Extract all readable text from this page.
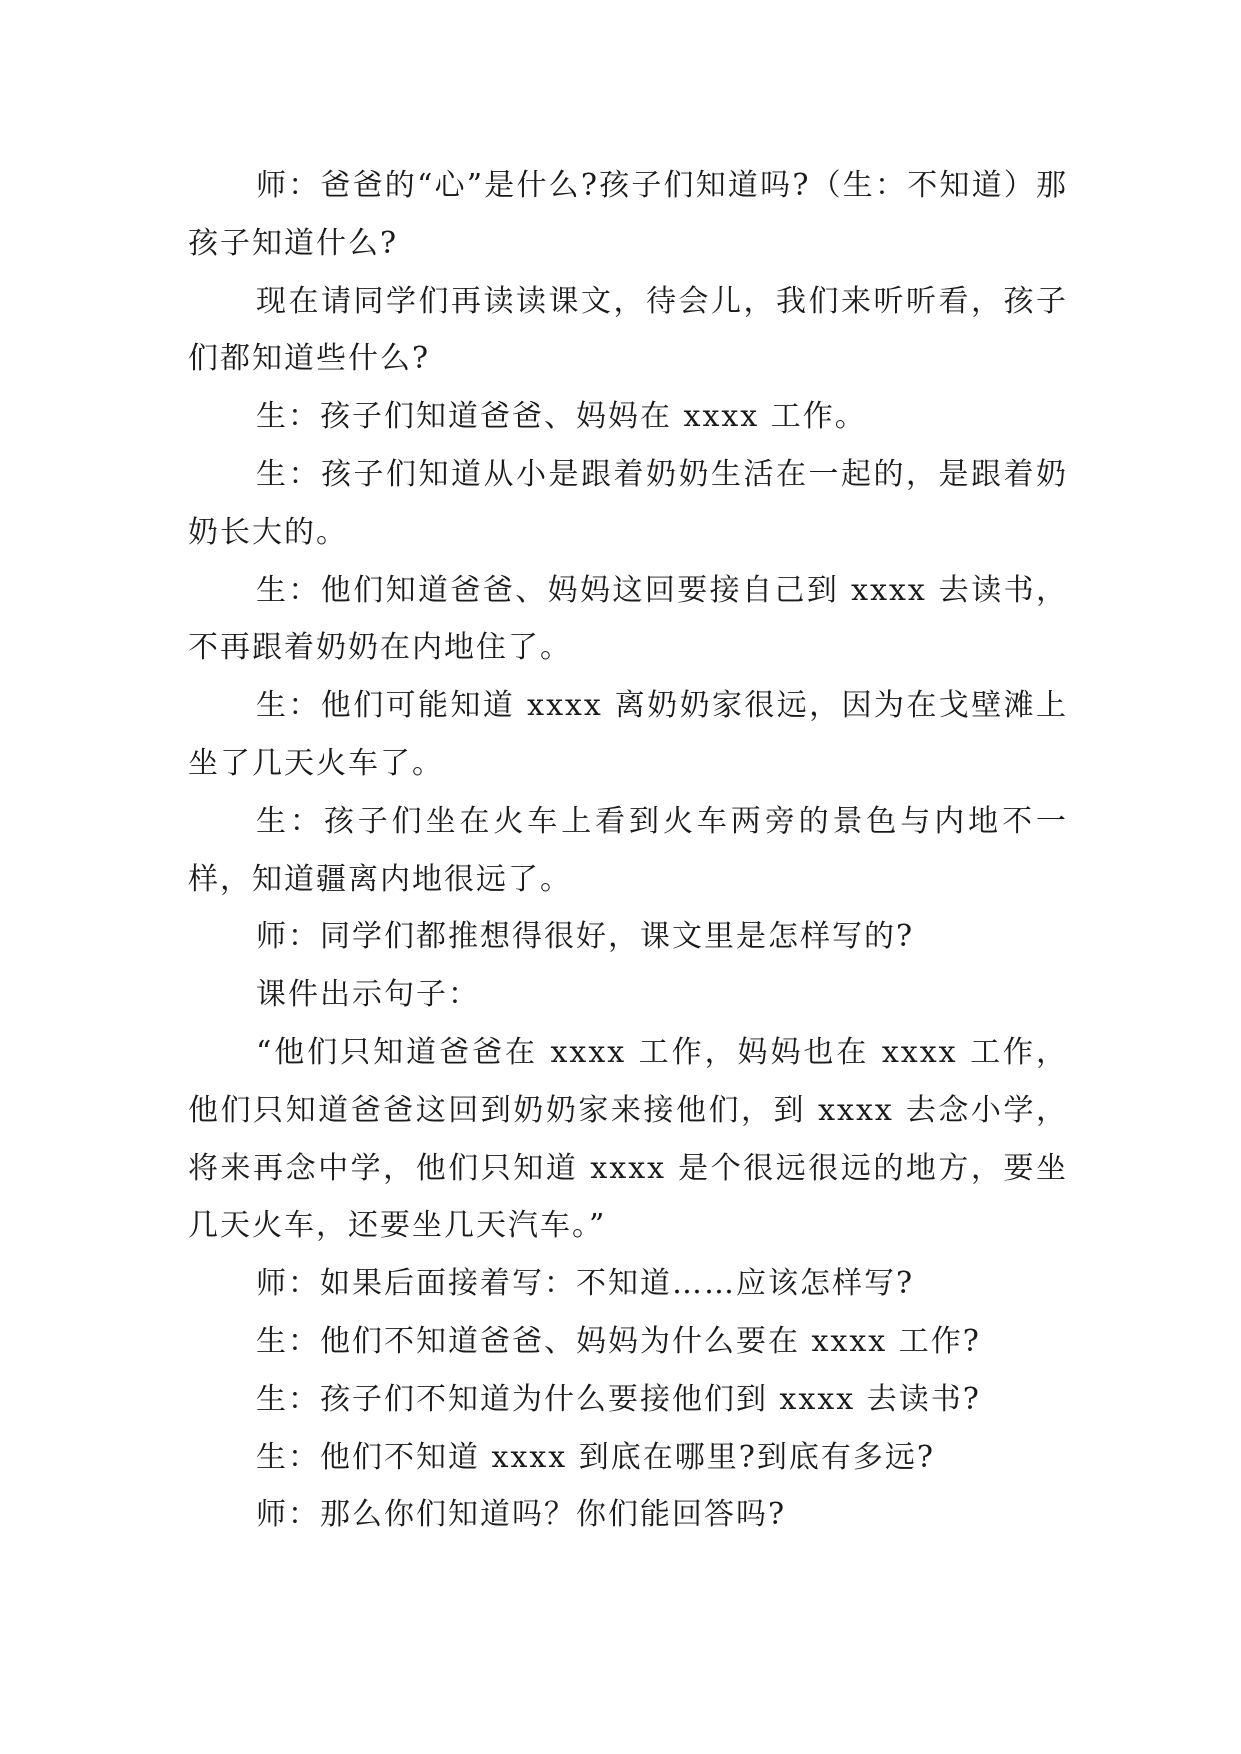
师：爸爸的“心”是什么?孩子们知道吗?（生：不知道）那孩子知道什么?

现在请同学们再读读课文，待会儿，我们来听听看，孩子们都知道些什么?

生：孩子们知道爸爸、妈妈在 xxxx 工作。

生：孩子们知道从小是跟着奶奶生活在一起的，是跟着奶奶长大的。

生：他们知道爸爸、妈妈这回要接自己到 xxxx 去读书，不再跟着奶奶在内地住了。

生：他们可能知道 xxxx 离奶奶家很远，因为在戈壁滩上坐了几天火车了。

生：孩子们坐在火车上看到火车两旁的景色与内地不一样，知道疆离内地很远了。

师：同学们都推想得很好，课文里是怎样写的?

课件出示句子：

“他们只知道爸爸在 xxxx 工作，妈妈也在 xxxx 工作，他们只知道爸爸这回到奶奶家来接他们，到 xxxx 去念小学，将来再念中学，他们只知道 xxxx 是个很远很远的地方，要坐几天火车，还要坐几天汽车。”

师：如果后面接着写：不知道……应该怎样写?

生：他们不知道爸爸、妈妈为什么要在 xxxx 工作?

生：孩子们不知道为什么要接他们到 xxxx 去读书?

生：他们不知道 xxxx 到底在哪里?到底有多远?

师：那么你们知道吗？你们能回答吗?
